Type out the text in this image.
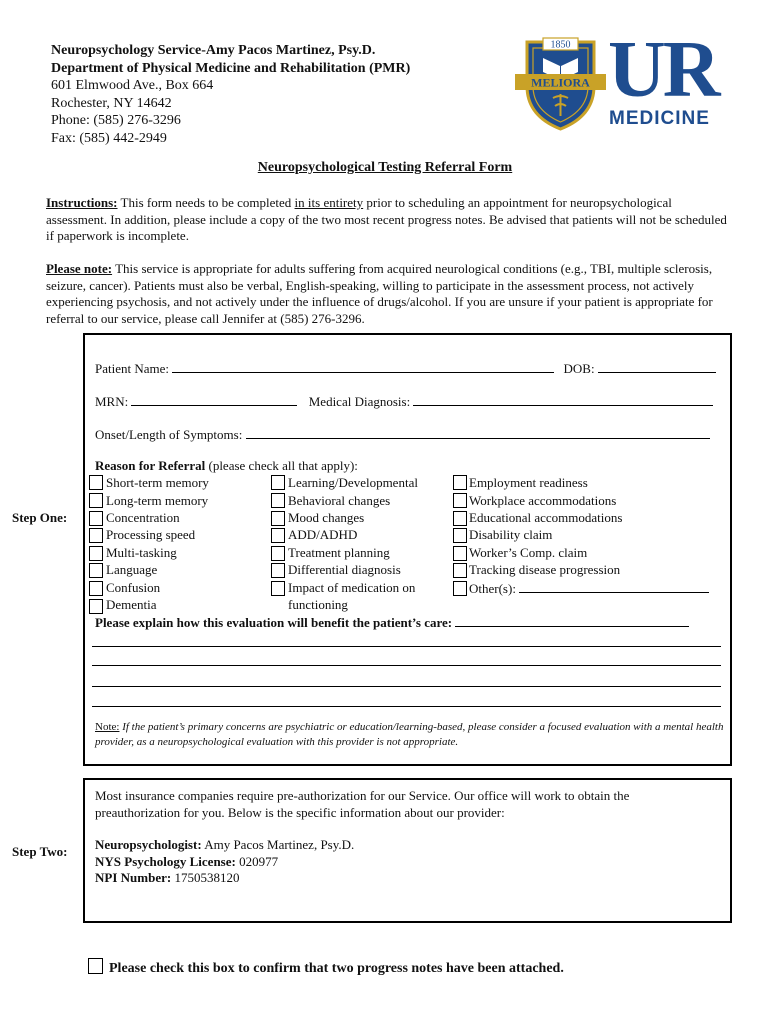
Neuropsychology Service-Amy Pacos Martinez, Psy.D.
Department of Physical Medicine and Rehabilitation (PMR)
601 Elmwood Ave., Box 664
Rochester, NY 14642
Phone: (585) 276-3296
Fax: (585) 442-2949
1850
MELIORA UR
MEDICINE
Neuropsychological Testing Referral Form
Instructions: This form needs to be completed in its entirety prior to scheduling an appointment for neuropsychological assessment. In addition, please include a copy of the two most recent progress notes. Be advised that patients will not be scheduled if paperwork is incomplete.
Please note: This service is appropriate for adults suffering from acquired neurological conditions (e.g., TBI, multiple sclerosis, seizure, cancer). Patients must also be verbal, English-speaking, willing to participate in the assessment process, not actively experiencing psychosis, and not actively under the influence of drugs/alcohol. If you are unsure if your patient is appropriate for referral to our service, please call Jennifer at (585) 276-3296.
Step One:
Step Two:
Patient Name:	DOB:
MRN:	Medical Diagnosis:
Onset/Length of Symptoms:
Reason for Referral (please check all that apply):
Short-term memory
Long-term memory
Concentration
Processing speed
Multi-tasking
Language
Confusion
Dementia
Learning/Developmental
Behavioral changes
Mood changes
ADD/ADHD
Treatment planning
Differential diagnosis
Impact of medication on
functioning
Employment readiness
Workplace accommodations
Educational accommodations
Disability claim
Worker’s Comp. claim
Tracking disease progression
Other(s):
Please explain how this evaluation will benefit the patient’s care:
Note: If the patient’s primary concerns are psychiatric or education/learning-based, please consider a focused evaluation with a mental health provider, as a neuropsychological evaluation with this provider is not appropriate.
Most insurance companies require pre-authorization for our Service. Our office will work to obtain the preauthorization for you. Below is the specific information about our provider:
Neuropsychologist: Amy Pacos Martinez, Psy.D.
NYS Psychology License: 020977
NPI Number: 1750538120
Please check this box to confirm that two progress notes have been attached.
